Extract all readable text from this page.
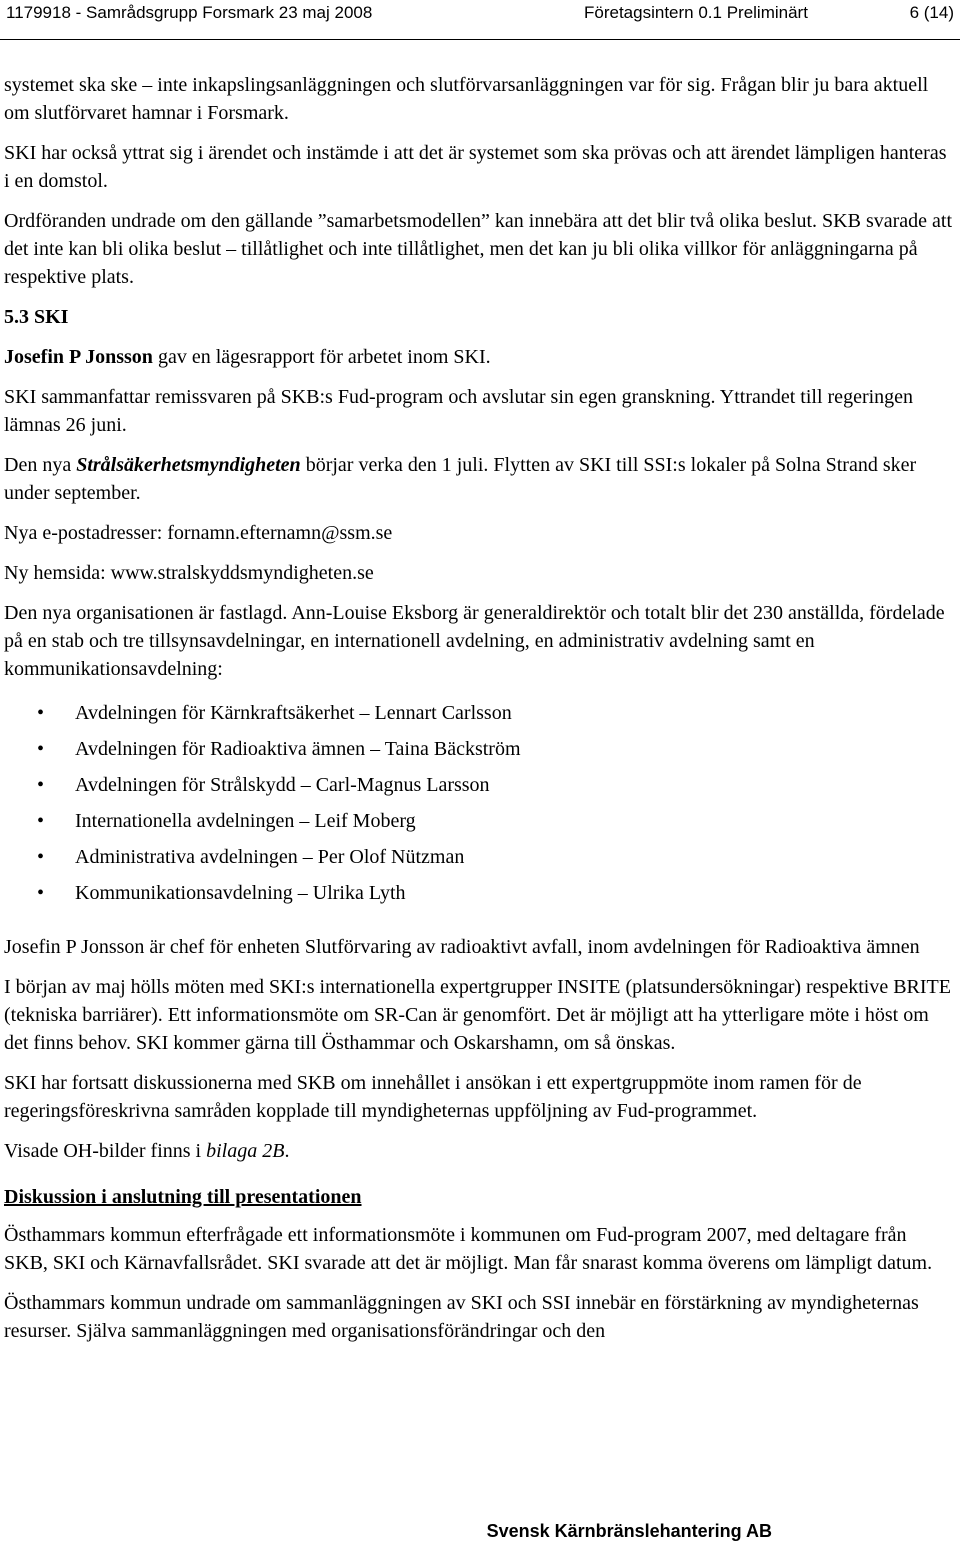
1179918 - Samrådsgrupp Forsmark 23 maj 2008	Företagsintern 0.1 Preliminärt	6 (14)

systemet ska ske – inte inkapslingsanläggningen och slutförvarsanläggningen var för sig. Frågan blir ju bara aktuell om slutförvaret hamnar i Forsmark.

SKI har också yttrat sig i ärendet och instämde i att det är systemet som ska prövas och att ärendet lämpligen hanteras i en domstol.

Ordföranden undrade om den gällande ”samarbetsmodellen” kan innebära att det blir två olika beslut. SKB svarade att det inte kan bli olika beslut – tillåtlighet och inte tillåtlighet, men det kan ju bli olika villkor för anläggningarna på respektive plats.

5.3 SKI

Josefin P Jonsson gav en lägesrapport för arbetet inom SKI.

SKI sammanfattar remissvaren på SKB:s Fud-program och avslutar sin egen granskning. Yttrandet till regeringen lämnas 26 juni.

Den nya Strålsäkerhetsmyndigheten börjar verka den 1 juli. Flytten av SKI till SSI:s lokaler på Solna Strand sker under september.

Nya e-postadresser: fornamn.efternamn@ssm.se

Ny hemsida: www.stralskyddsmyndigheten.se

Den nya organisationen är fastlagd. Ann-Louise Eksborg är generaldirektör och totalt blir det 230 anställda, fördelade på en stab och tre tillsynsavdelningar, en internationell avdelning, en administrativ avdelning samt en kommunikationsavdelning:

• Avdelningen för Kärnkraftsäkerhet – Lennart Carlsson
• Avdelningen för Radioaktiva ämnen – Taina Bäckström
• Avdelningen för Strålskydd – Carl-Magnus Larsson
• Internationella avdelningen – Leif Moberg
• Administrativa avdelningen – Per Olof Nützman
• Kommunikationsavdelning – Ulrika Lyth

Josefin P Jonsson är chef för enheten Slutförvaring av radioaktivt avfall, inom avdelningen för Radioaktiva ämnen

I början av maj hölls möten med SKI:s internationella expertgrupper INSITE (platsundersökningar) respektive BRITE (tekniska barriärer). Ett informationsmöte om SR-Can är genomfört. Det är möjligt att ha ytterligare möte i höst om det finns behov. SKI kommer gärna till Östhammar och Oskarshamn, om så önskas.

SKI har fortsatt diskussionerna med SKB om innehållet i ansökan i ett expertgruppmöte inom ramen för de regeringsföreskrivna samråden kopplade till myndigheternas uppföljning av Fud-programmet.

Visade OH-bilder finns i bilaga 2B.

Diskussion i anslutning till presentationen

Östhammars kommun efterfrågade ett informationsmöte i kommunen om Fud-program 2007, med deltagare från SKB, SKI och Kärnavfallsrådet. SKI svarade att det är möjligt. Man får snarast komma överens om lämpligt datum.

Östhammars kommun undrade om sammanläggningen av SKI och SSI innebär en förstärkning av myndigheternas resurser. Själva sammanläggningen med organisationsförändringar och den

Svensk Kärnbränslehantering AB
